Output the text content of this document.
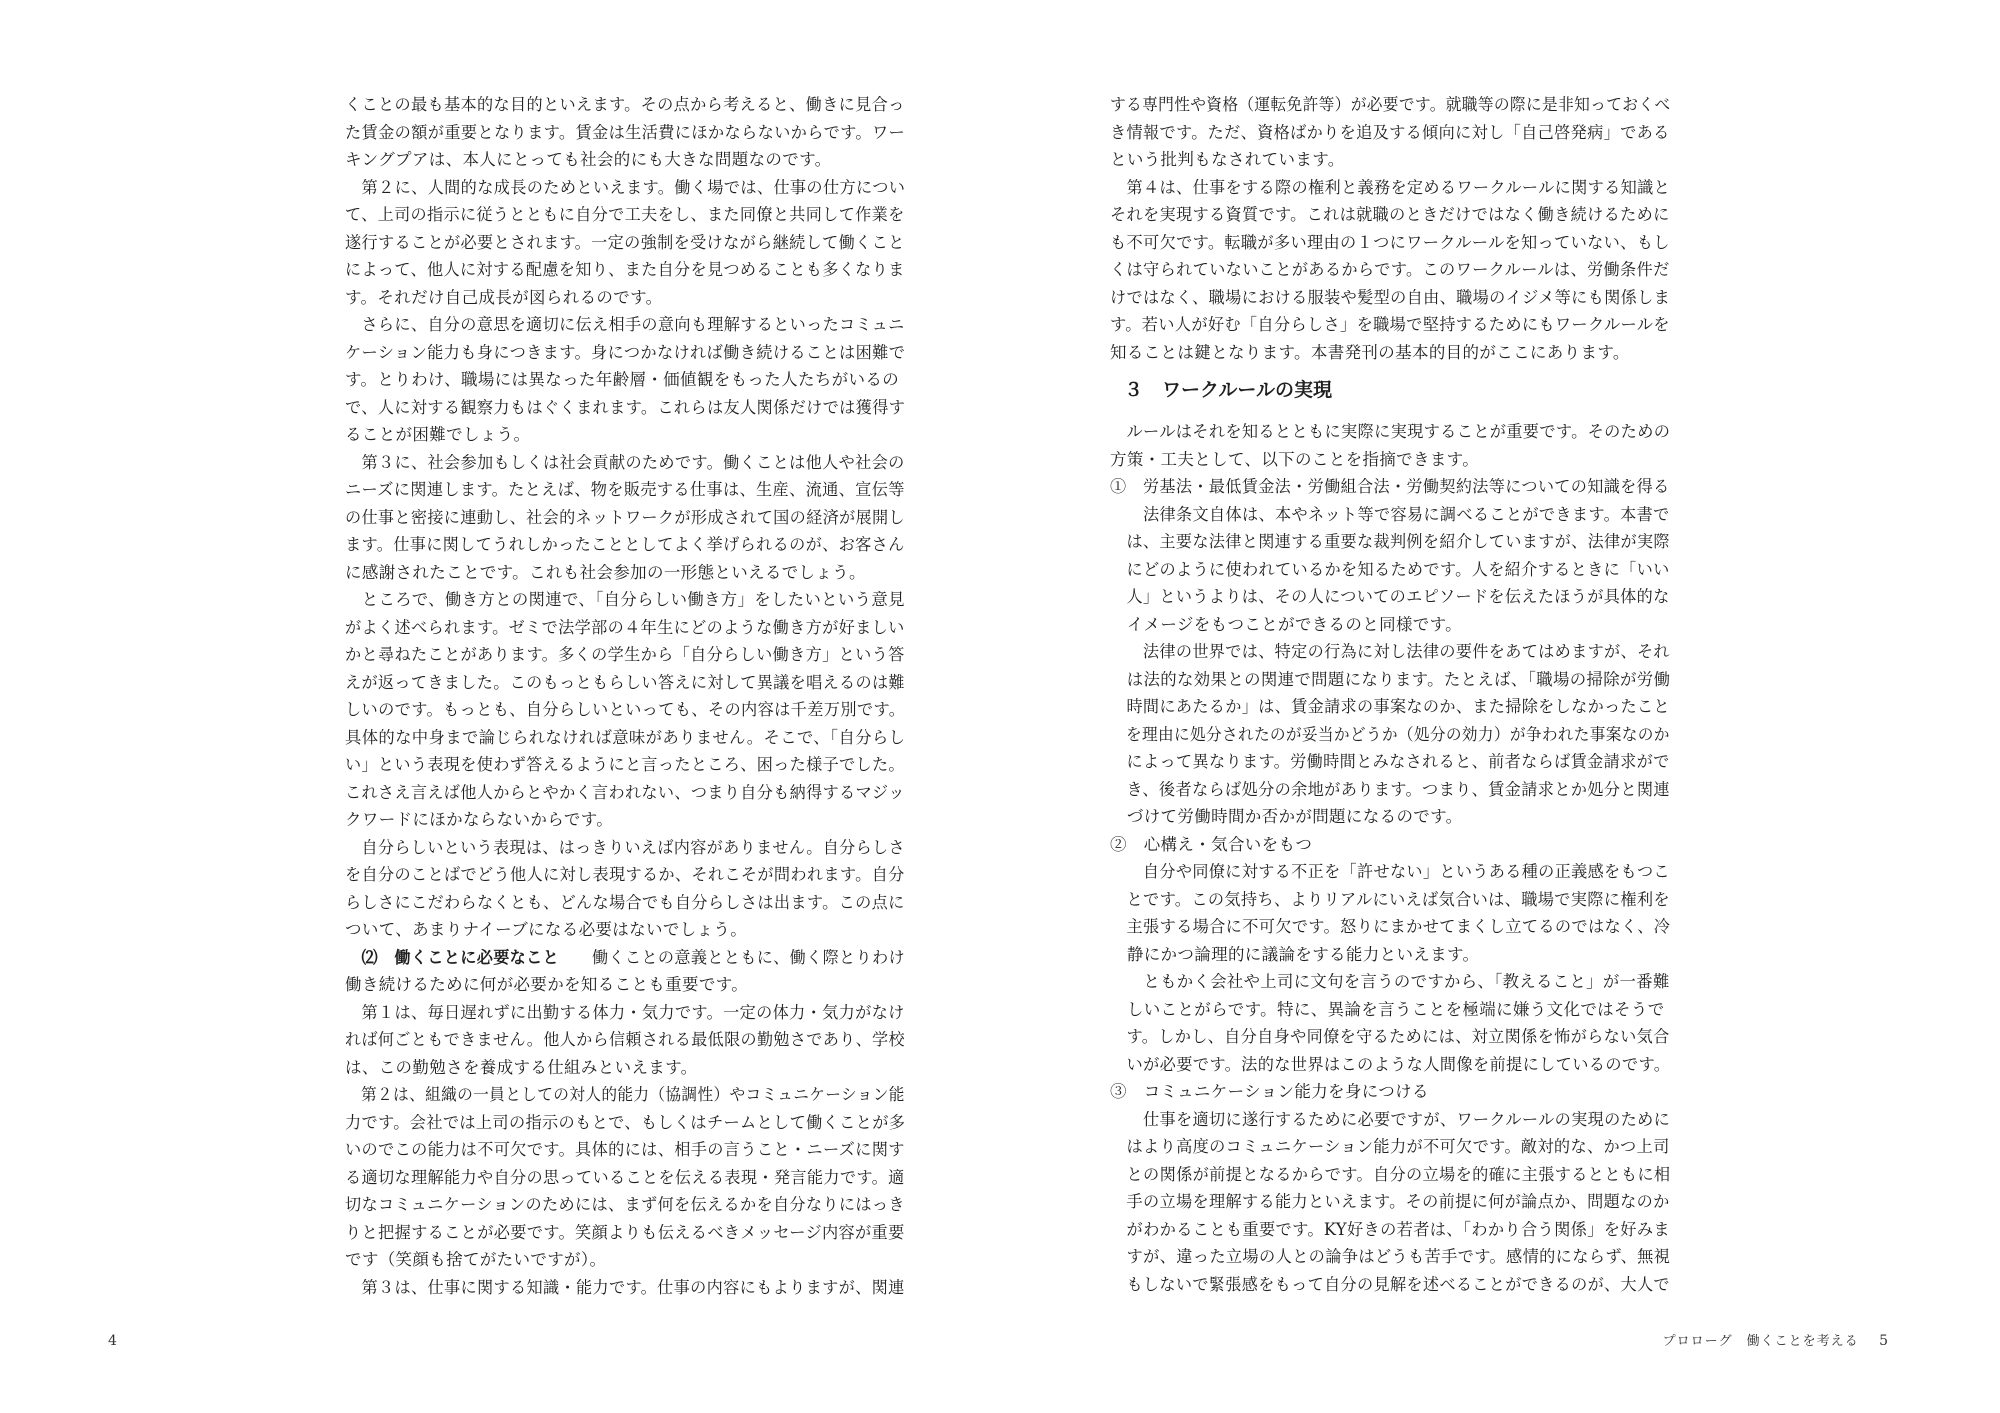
くことの最も基本的な目的といえます。その点から考えると、働きに見合っ
た賃金の額が重要となります。賃金は生活費にほかならないからです。ワー
キングプアは、本人にとっても社会的にも大きな問題なのです。
　第２に、人間的な成長のためといえます。働く場では、仕事の仕方につい
て、上司の指示に従うとともに自分で工夫をし、また同僚と共同して作業を
遂行することが必要とされます。一定の強制を受けながら継続して働くこと
によって、他人に対する配慮を知り、また自分を見つめることも多くなりま
す。それだけ自己成長が図られるのです。
　さらに、自分の意思を適切に伝え相手の意向も理解するといったコミュニ
ケーション能力も身につきます。身につかなければ働き続けることは困難で
す。とりわけ、職場には異なった年齢層・価値観をもった人たちがいるの
で、人に対する観察力もはぐくまれます。これらは友人関係だけでは獲得す
ることが困難でしょう。
　第３に、社会参加もしくは社会貢献のためです。働くことは他人や社会の
ニーズに関連します。たとえば、物を販売する仕事は、生産、流通、宣伝等
の仕事と密接に連動し、社会的ネットワークが形成されて国の経済が展開し
ます。仕事に関してうれしかったこととしてよく挙げられるのが、お客さん
に感謝されたことです。これも社会参加の一形態といえるでしょう。
　ところで、働き方との関連で、「自分らしい働き方」をしたいという意見
がよく述べられます。ゼミで法学部の４年生にどのような働き方が好ましい
かと尋ねたことがあります。多くの学生から「自分らしい働き方」という答
えが返ってきました。このもっともらしい答えに対して異議を唱えるのは難
しいのです。もっとも、自分らしいといっても、その内容は千差万別です。
具体的な中身まで論じられなければ意味がありません。そこで、「自分らし
い」という表現を使わず答えるようにと言ったところ、困った様子でした。
これさえ言えば他人からとやかく言われない、つまり自分も納得するマジッ
クワードにほかならないからです。
　自分らしいという表現は、はっきりいえば内容がありません。自分らしさ
を自分のことばでどう他人に対し表現するか、それこそが問われます。自分
らしさにこだわらなくとも、どんな場合でも自分らしさは出ます。この点に
ついて、あまりナイーブになる必要はないでしょう。
　⑵　働くことに必要なこと　　働くことの意義とともに、働く際とりわけ
働き続けるために何が必要かを知ることも重要です。
　第１は、毎日遅れずに出勤する体力・気力です。一定の体力・気力がなけ
れば何ごともできません。他人から信頼される最低限の勤勉さであり、学校
は、この勤勉さを養成する仕組みといえます。
　第２は、組織の一員としての対人的能力（協調性）やコミュニケーション能
力です。会社では上司の指示のもとで、もしくはチームとして働くことが多
いのでこの能力は不可欠です。具体的には、相手の言うこと・ニーズに関す
る適切な理解能力や自分の思っていることを伝える表現・発言能力です。適
切なコミュニケーションのためには、まず何を伝えるかを自分なりにはっき
りと把握することが必要です。笑顔よりも伝えるべきメッセージ内容が重要
です（笑顔も捨てがたいですが）。
　第３は、仕事に関する知識・能力です。仕事の内容にもよりますが、関連
4
する専門性や資格（運転免許等）が必要です。就職等の際に是非知っておくべ
き情報です。ただ、資格ばかりを追及する傾向に対し「自己啓発病」である
という批判もなされています。
　第４は、仕事をする際の権利と義務を定めるワークルールに関する知識と
それを実現する資質です。これは就職のときだけではなく働き続けるために
も不可欠です。転職が多い理由の１つにワークルールを知っていない、もし
くは守られていないことがあるからです。このワークルールは、労働条件だ
けではなく、職場における服装や髪型の自由、職場のイジメ等にも関係しま
す。若い人が好む「自分らしさ」を職場で堅持するためにもワークルールを
知ることは鍵となります。本書発刊の基本的目的がここにあります。
３　ワークルールの実現
　ルールはそれを知るとともに実際に実現することが重要です。そのための
方策・工夫として、以下のことを指摘できます。
①　労基法・最低賃金法・労働組合法・労働契約法等についての知識を得る
　　法律条文自体は、本やネット等で容易に調べることができます。本書で
　は、主要な法律と関連する重要な裁判例を紹介していますが、法律が実際
　にどのように使われているかを知るためです。人を紹介するときに「いい
　人」というよりは、その人についてのエピソードを伝えたほうが具体的な
　イメージをもつことができるのと同様です。
　　法律の世界では、特定の行為に対し法律の要件をあてはめますが、それ
　は法的な効果との関連で問題になります。たとえば、「職場の掃除が労働
　時間にあたるか」は、賃金請求の事案なのか、また掃除をしなかったこと
　を理由に処分されたのが妥当かどうか（処分の効力）が争われた事案なのか
　によって異なります。労働時間とみなされると、前者ならば賃金請求がで
　き、後者ならば処分の余地があります。つまり、賃金請求とか処分と関連
　づけて労働時間か否かが問題になるのです。
②　心構え・気合いをもつ
　　自分や同僚に対する不正を「許せない」というある種の正義感をもつこ
　とです。この気持ち、よりリアルにいえば気合いは、職場で実際に権利を
　主張する場合に不可欠です。怒りにまかせてまくし立てるのではなく、冷
　静にかつ論理的に議論をする能力といえます。
　　ともかく会社や上司に文句を言うのですから、「教えること」が一番難
　しいことがらです。特に、異論を言うことを極端に嫌う文化ではそうで
　す。しかし、自分自身や同僚を守るためには、対立関係を怖がらない気合
　いが必要です。法的な世界はこのような人間像を前提にしているのです。
③　コミュニケーション能力を身につける
　　仕事を適切に遂行するために必要ですが、ワークルールの実現のために
　はより高度のコミュニケーション能力が不可欠です。敵対的な、かつ上司
　との関係が前提となるからです。自分の立場を的確に主張するとともに相
　手の立場を理解する能力といえます。その前提に何が論点か、問題なのか
　がわかることも重要です。KY好きの若者は、「わかり合う関係」を好みま
　すが、違った立場の人との論争はどうも苦手です。感情的にならず、無視
　もしないで緊張感をもって自分の見解を述べることができるのが、大人で
プロローグ　働くことを考える 5
